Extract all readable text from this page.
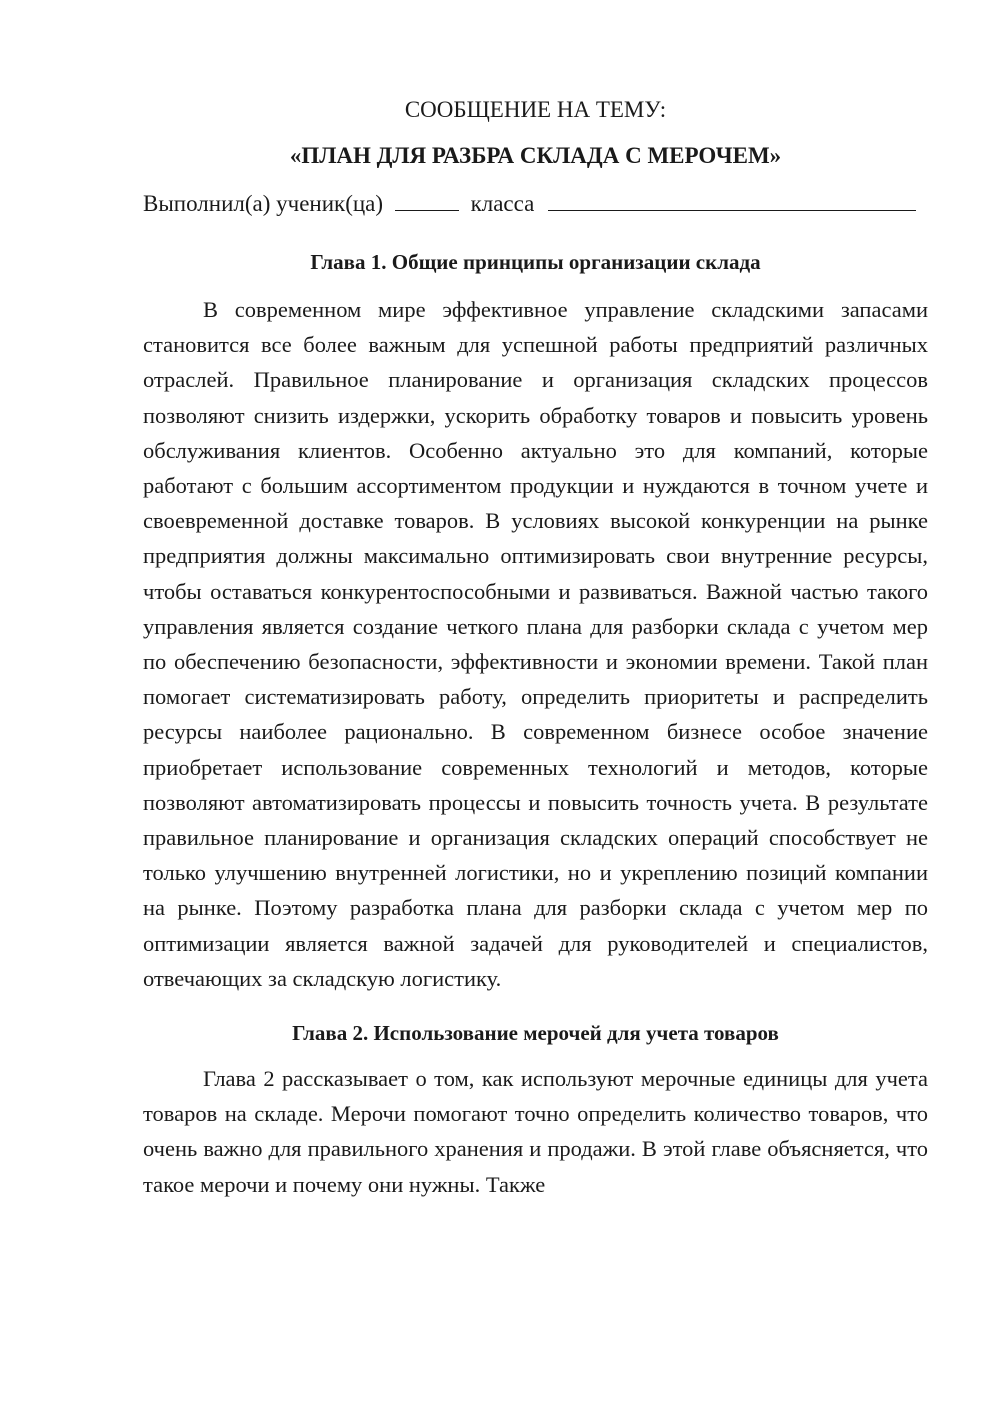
СООБЩЕНИЕ НА ТЕМУ:

«ПЛАН ДЛЯ РАЗБРА СКЛАДА С МЕРОЧЕМ»

Выполнил(а) ученик(ца)	класса

Глава 1. Общие принципы организации склада

В современном мире эффективное управление складскими запасами становится все более важным для успешной работы предприятий различных отраслей. Правильное планирование и организация складских процессов позволяют снизить издержки, ускорить обработку товаров и повысить уровень обслуживания клиентов. Особенно актуально это для компаний, которые работают с большим ассортиментом продукции и нуждаются в точном учете и своевременной доставке товаров. В условиях высокой конкуренции на рынке предприятия должны максимально оптимизировать свои внутренние ресурсы, чтобы оставаться конкурентоспособными и развиваться. Важной частью такого управления является создание четкого плана для разборки склада с учетом мер по обеспечению безопасности, эффективности и экономии времени. Такой план помогает систематизировать работу, определить приоритеты и распределить ресурсы наиболее рационально. В современном бизнесе особое значение приобретает использование современных технологий и методов, которые позволяют автоматизировать процессы и повысить точность учета. В результате правильное планирование и организация складских операций способствует не только улучшению внутренней логистики, но и укреплению позиций компании на рынке. Поэтому разработка плана для разборки склада с учетом мер по оптимизации является важной задачей для руководителей и специалистов, отвечающих за складскую логистику.

Глава 2. Использование мерочей для учета товаров

Глава 2 рассказывает о том, как используют мерочные единицы для учета товаров на складе. Мерочи помогают точно определить количество товаров, что очень важно для правильного хранения и продажи. В этой главе объясняется, что такое мерочи и почему они нужны. Также
